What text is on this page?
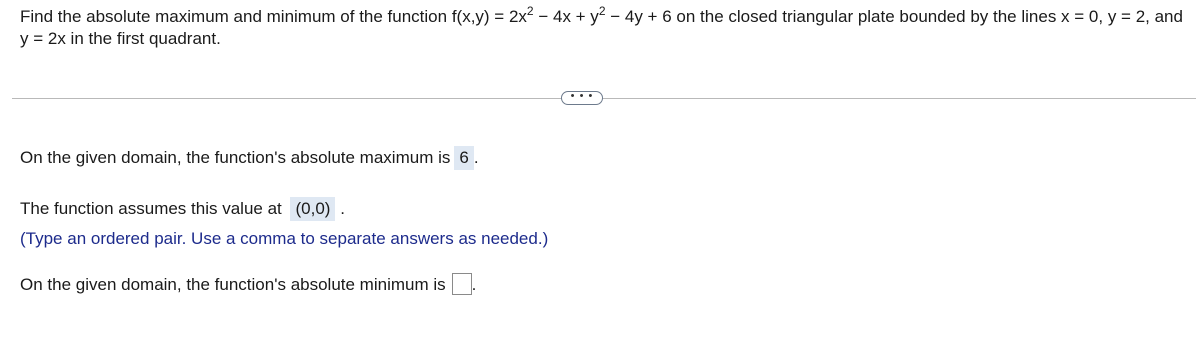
Find the absolute maximum and minimum of the function $f(x,y) = 2x^2 - 4x + y^2 - 4y + 6$ on the closed triangular plate bounded by the lines x = 0, y = 2, and y = 2x in the first quadrant.
• • •
On the given domain, the function's absolute maximum is 6 .
The function assumes this value at (0,0) .
(Type an ordered pair. Use a comma to separate answers as needed.)
On the given domain, the function's absolute minimum is .
